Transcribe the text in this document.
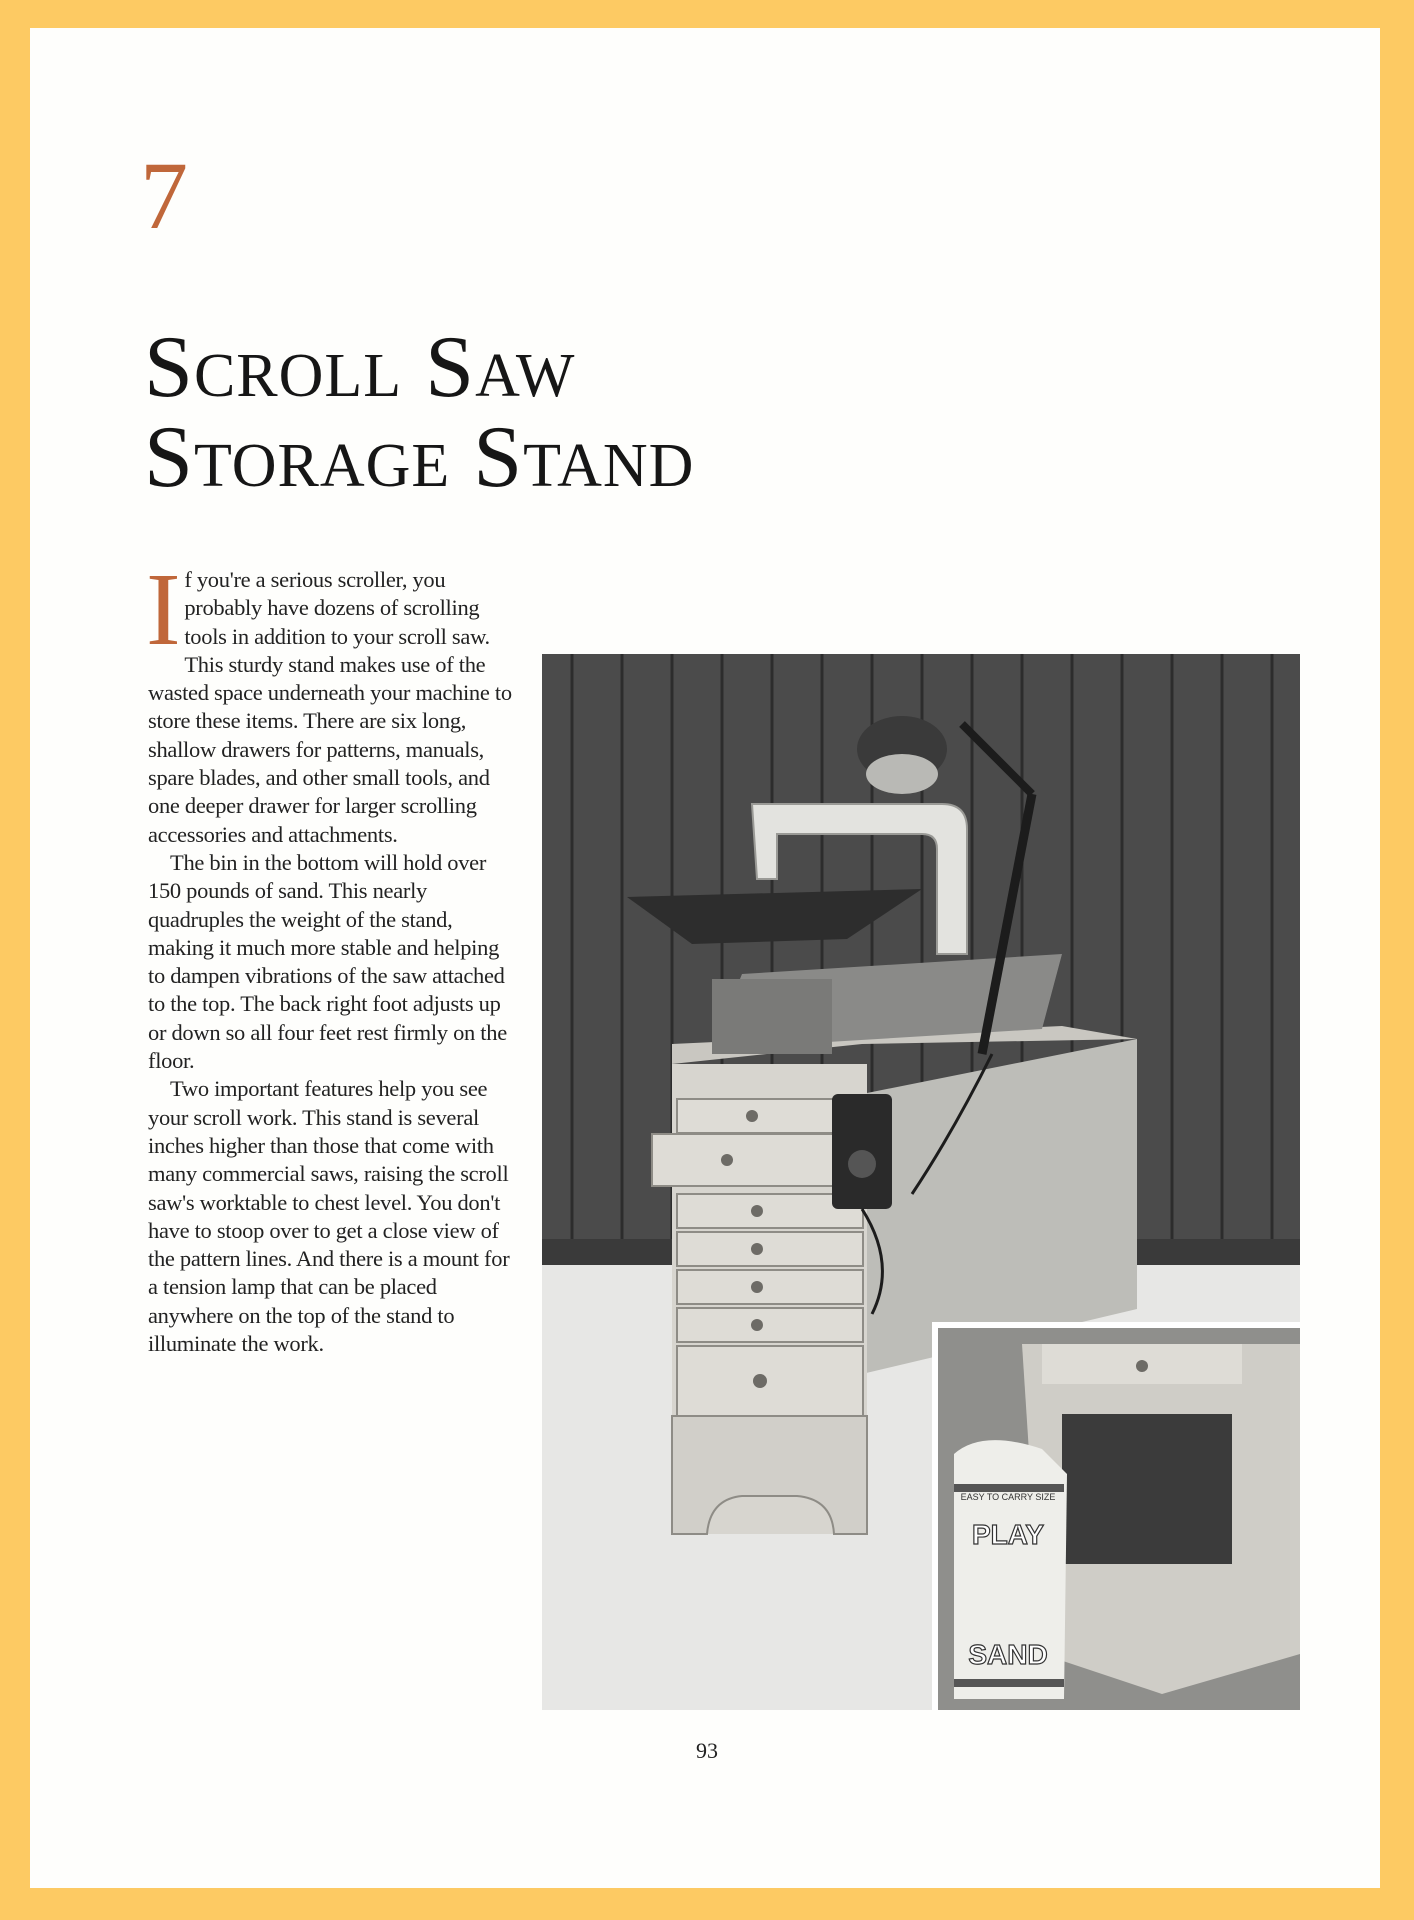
7
Scroll Saw
Storage Stand

If you're a serious scroller, you probably have dozens of scrolling tools in addition to your scroll saw. This sturdy stand makes use of the wasted space underneath your machine to store these items. There are six long, shallow drawers for patterns, manuals, spare blades, and other small tools, and one deeper drawer for larger scrolling accessories and attachments.

The bin in the bottom will hold over 150 pounds of sand. This nearly quadruples the weight of the stand, making it much more stable and helping to dampen vibrations of the saw attached to the top. The back right foot adjusts up or down so all four feet rest firmly on the floor.

Two important features help you see your scroll work. This stand is several inches higher than those that come with many commercial saws, raising the scroll saw's worktable to chest level. You don't have to stoop over to get a close view of the pattern lines. And there is a mount for a tension lamp that can be placed anywhere on the top of the stand to illuminate the work.

EASY TO CARRY SIZE
PLAY
SAND
93
